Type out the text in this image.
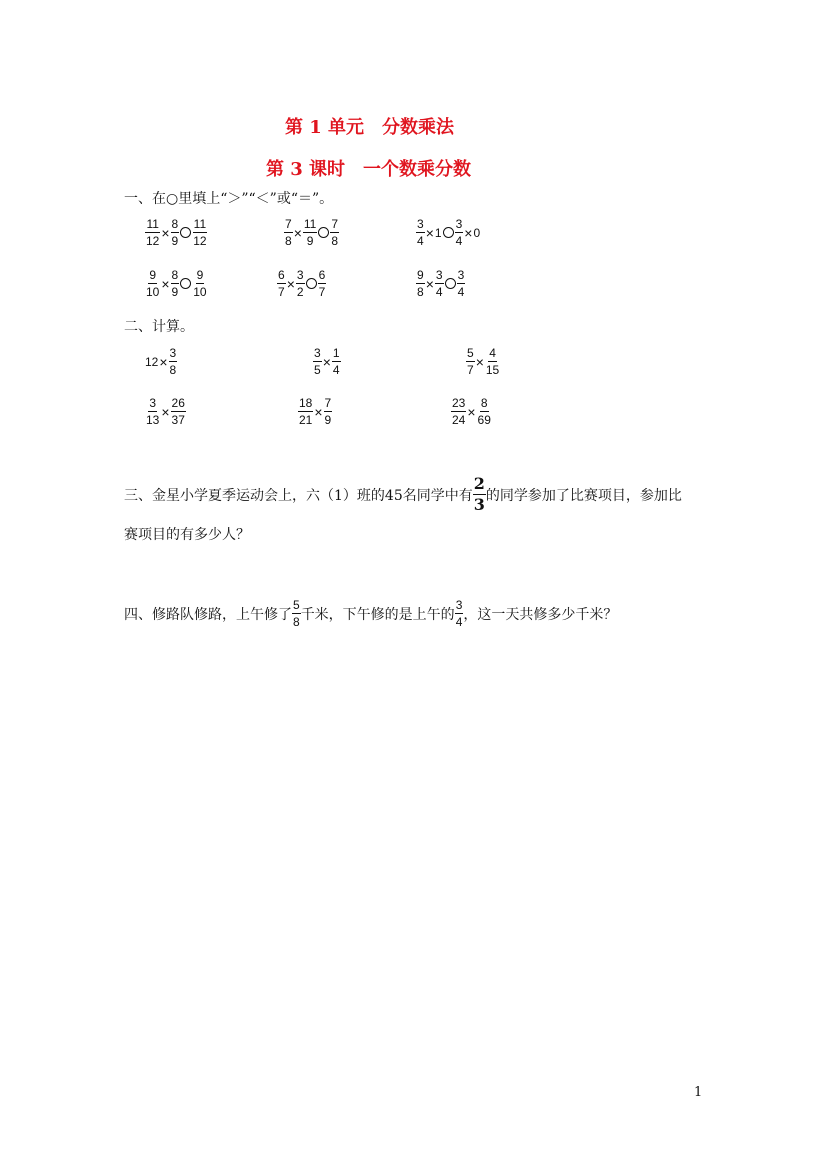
第 1 单元　分数乘法
第 3 课时　一个数乘分数
一、在○里填上“＞”“＜”或“＝”。
$\frac{11}{12} \times \frac{8}{9} \frac{11}{12}$	$\frac{7}{8} \times \frac{11}{9} \frac{7}{8}$	$\frac{3}{4} \times 1 \frac{3}{4} \times 0$
$\frac{9}{10} \times \frac{8}{9} \frac{9}{10}$	$\frac{6}{7} \times \frac{3}{2} \frac{6}{7}$	$\frac{9}{8} \times \frac{3}{4} \frac{3}{4}$
二、计算。
$12 \times \frac{3}{8}$	$\frac{3}{5} \times \frac{1}{4}$	$\frac{5}{7} \times \frac{4}{15}$
$\frac{3}{13} \times \frac{26}{37}$	$\frac{18}{21} \times \frac{7}{9}$	$\frac{23}{24} \times \frac{8}{69}$
三、金星小学夏季运动会上，六（1）班的45名同学中有 $\frac{2}{3}$ 的同学参加了比赛项目，参加比
赛项目的有多少人？
四、修路队修路，上午修了 $\frac{5}{8}$ 千米，下午修的是上午的 $\frac{3}{4}$ ，这一天共修多少千米？
1
